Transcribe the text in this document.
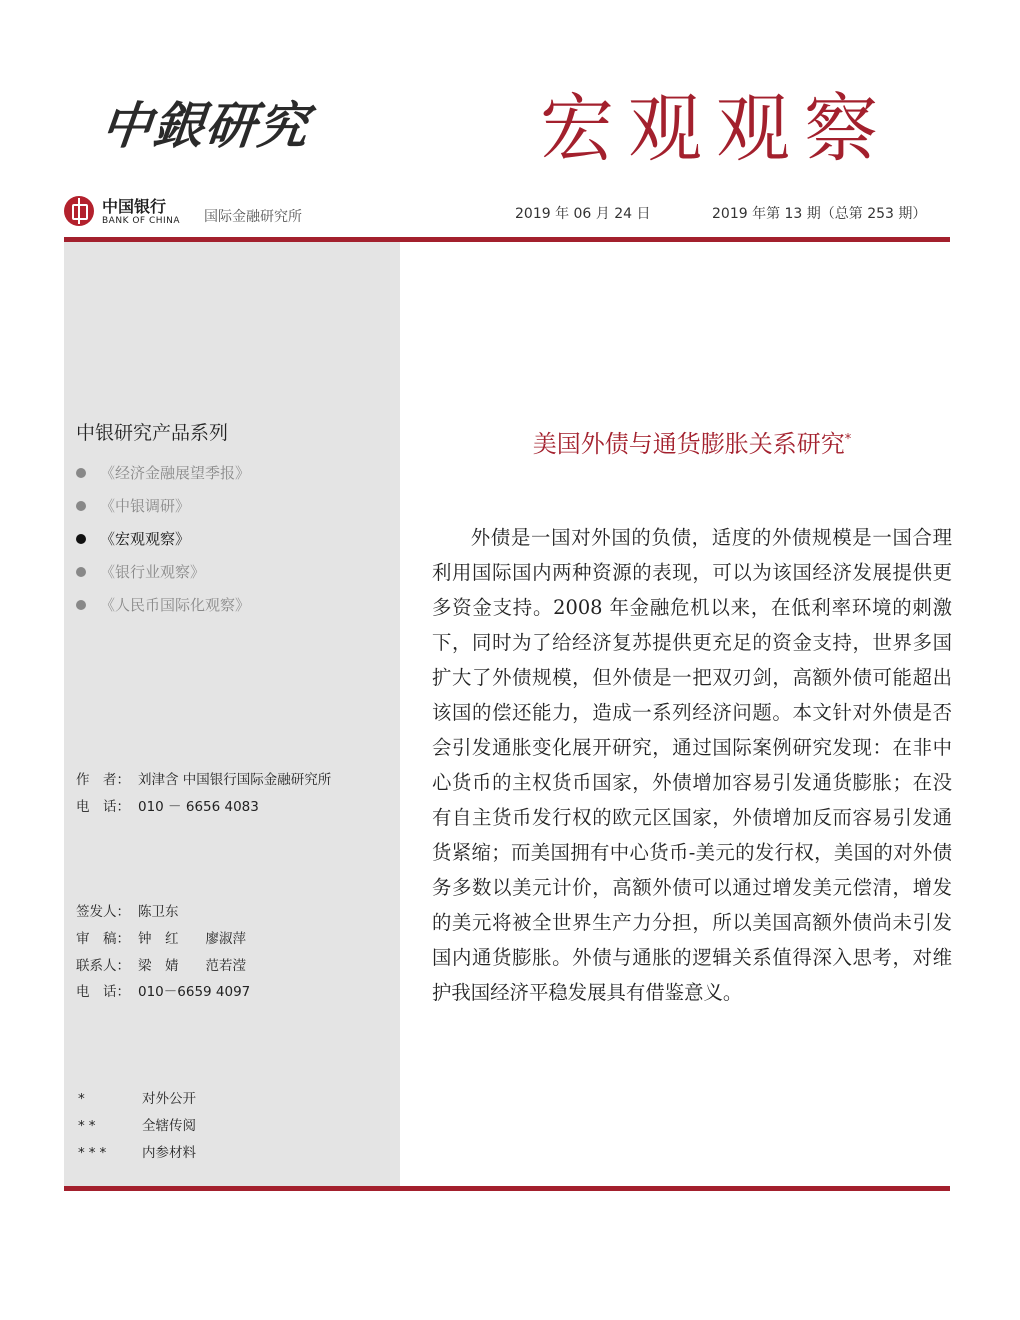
中銀研究	宏观观察
中国银行
BANK OF CHINA 国际金融研究所	2019 年 06 月 24 日	2019 年第 13 期（总第 253 期）
中银研究产品系列
《经济金融展望季报》
《中银调研》
《宏观观察》
《银行业观察》
《人民币国际化观察》
作　者： 刘津含 中国银行国际金融研究所
电　话： 010 － 6656 4083
签发人： 陈卫东
审　稿： 钟　红　　廖淑萍
联系人： 梁　婧　　范若滢
电　话： 010－6659 4097
*	对外公开
**	全辖传阅
*** 内参材料
美国外债与通货膨胀关系研究*

外债是一国对外国的负债，适度的外债规模是一国合理利用国际国内两种资源的表现，可以为该国经济发展提供更多资金支持。2008 年金融危机以来，在低利率环境的刺激下，同时为了给经济复苏提供更充足的资金支持，世界多国扩大了外债规模，但外债是一把双刃剑，高额外债可能超出该国的偿还能力，造成一系列经济问题。本文针对外债是否会引发通胀变化展开研究，通过国际案例研究发现：在非中心货币的主权货币国家，外债增加容易引发通货膨胀；在没有自主货币发行权的欧元区国家，外债增加反而容易引发通货紧缩；而美国拥有中心货币-美元的发行权，美国的对外债务多数以美元计价，高额外债可以通过增发美元偿清，增发的美元将被全世界生产力分担，所以美国高额外债尚未引发国内通货膨胀。外债与通胀的逻辑关系值得深入思考，对维护我国经济平稳发展具有借鉴意义。
